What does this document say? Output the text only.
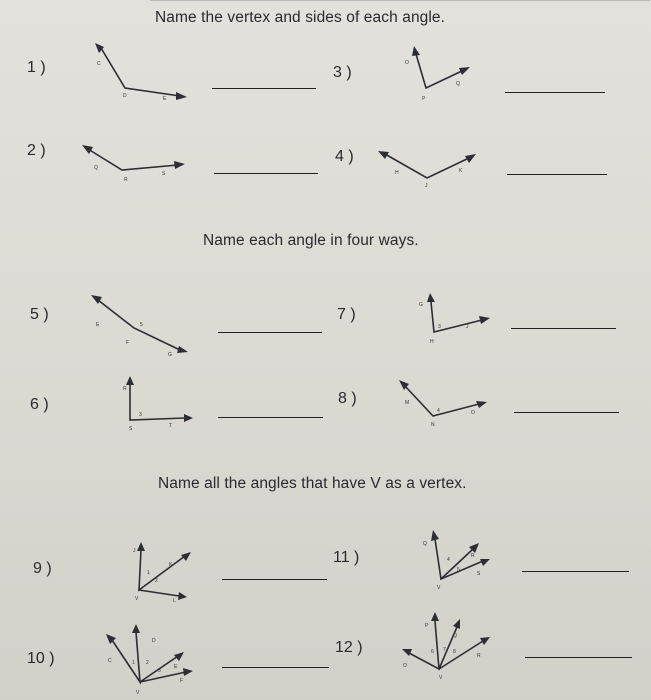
Name the vertex and sides of each angle.
Name each angle in four ways.
Name all the angles that have V as a vertex.
1 )
2 )
3 )
4 )
5 )
6 )
7 )
8 )
9 )
10 )
11 )
12 )
C
D	E
Q
R
S
O
P
Q
H
J
K
E	5
F
G
R
3
S	T
G
3
H
J
M
4
N
O
J
1
2
K
V	L
C
D
E
F
V
1 2
3
Q
R
S
V
4
5
O
P
Q
R
V
6 7 8
